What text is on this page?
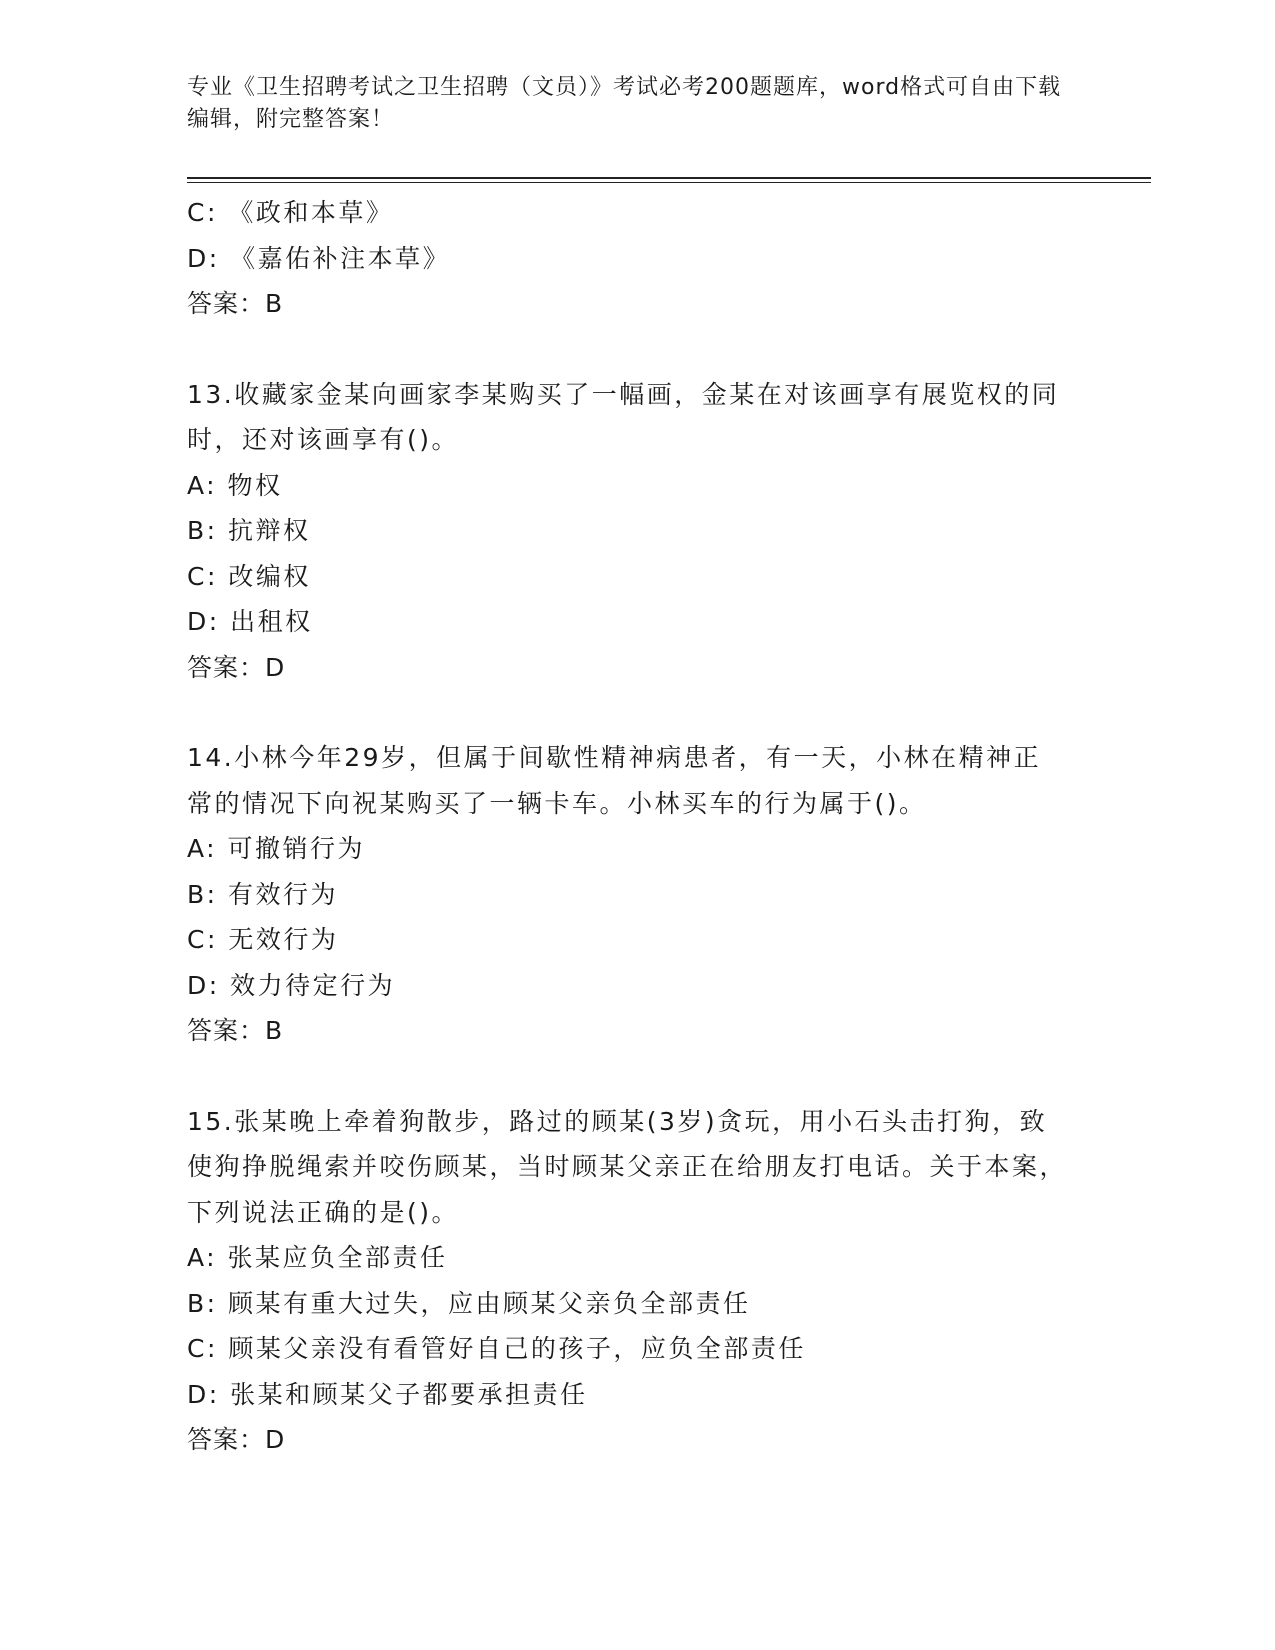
专业《卫生招聘考试之卫生招聘（文员）》考试必考200题题库，word格式可自由下载编辑，附完整答案！
C: 《政和本草》
D: 《嘉佑补注本草》
答案：B
13.收藏家金某向画家李某购买了一幅画，金某在对该画享有展览权的同时，还对该画享有()。
A: 物权
B: 抗辩权
C: 改编权
D: 出租权
答案：D
14.小林今年29岁，但属于间歇性精神病患者，有一天，小林在精神正常的情况下向祝某购买了一辆卡车。小林买车的行为属于()。
A: 可撤销行为
B: 有效行为
C: 无效行为
D: 效力待定行为
答案：B
15.张某晚上牵着狗散步，路过的顾某(3岁)贪玩，用小石头击打狗，致使狗挣脱绳索并咬伤顾某，当时顾某父亲正在给朋友打电话。关于本案，下列说法正确的是()。
A: 张某应负全部责任
B: 顾某有重大过失，应由顾某父亲负全部责任
C: 顾某父亲没有看管好自己的孩子，应负全部责任
D: 张某和顾某父子都要承担责任
答案：D
